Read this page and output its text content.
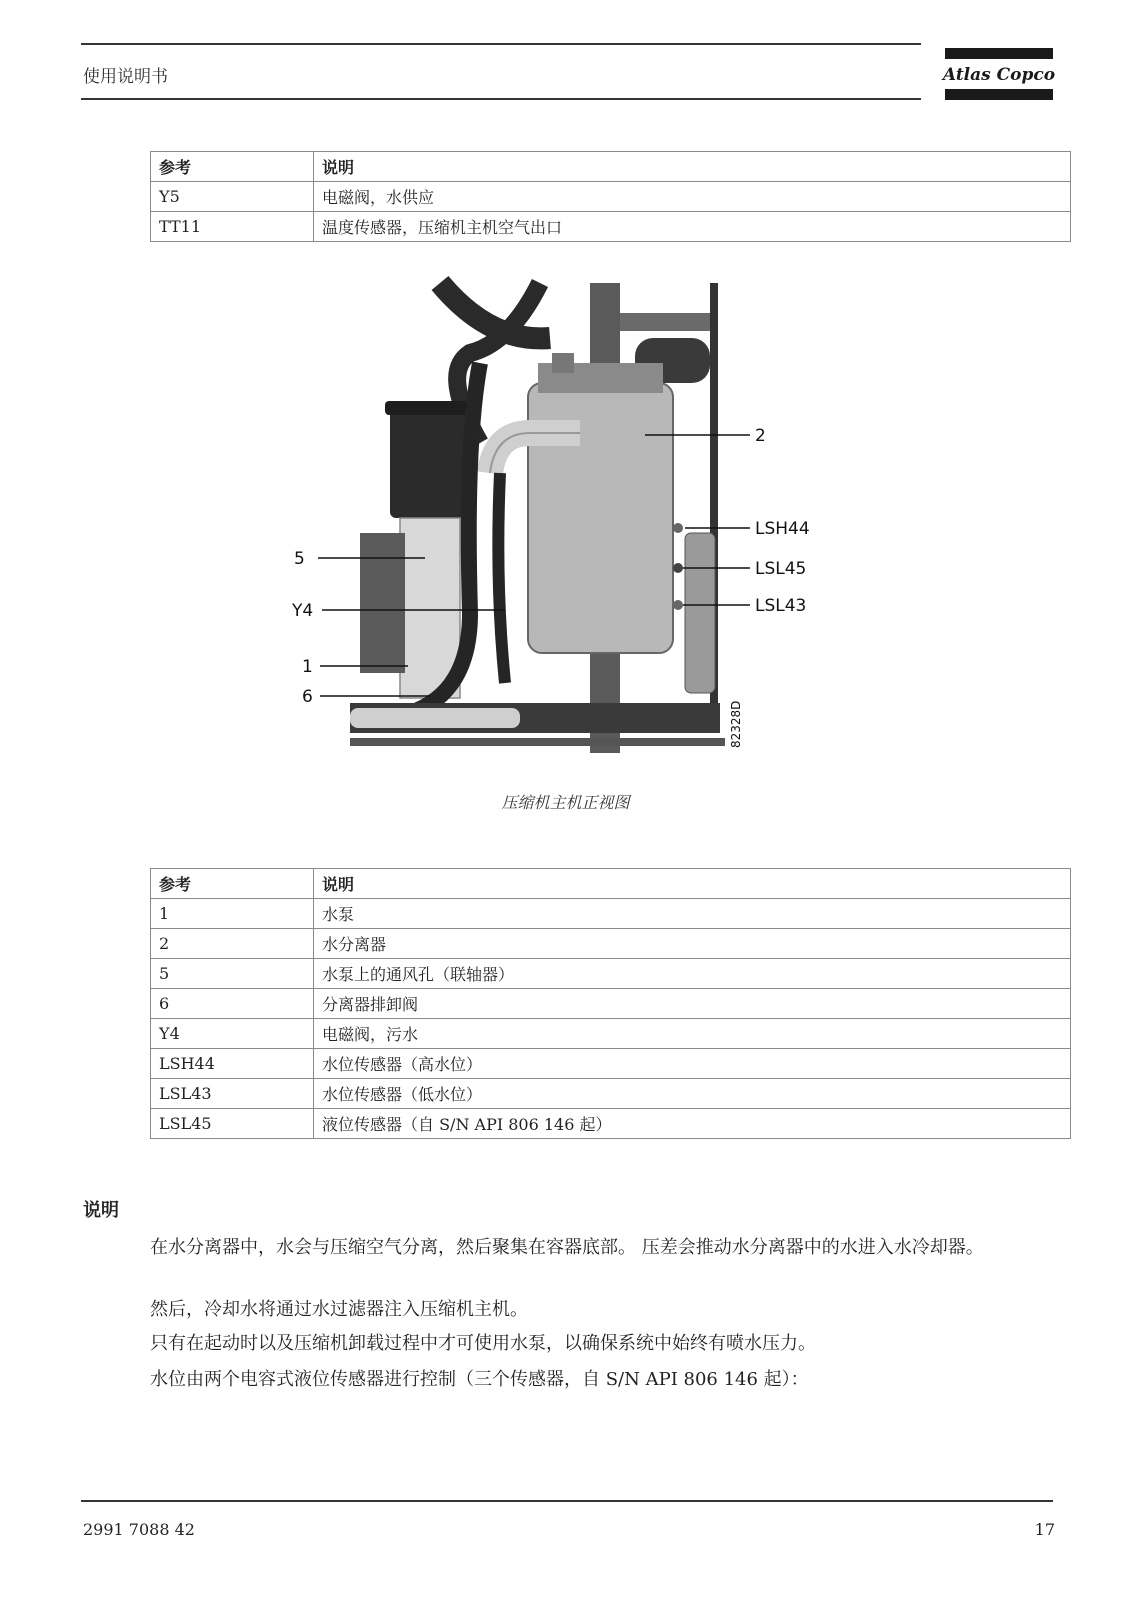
使用说明书	Atlas Copco
参考	说明
Y5	电磁阀，水供应
TT11	温度传感器，压缩机主机空气出口
2
LSH44
LSL45
LSL43
5
Y4
1
6
82328D
压缩机主机正视图
参考	说明
1	水泵
2	水分离器
5	水泵上的通风孔（联轴器）
6	分离器排卸阀
Y4	电磁阀，污水
LSH44	水位传感器（高水位）
LSL43	水位传感器（低水位）
LSL45	液位传感器（自 S/N API 806 146 起）
说明
在水分离器中，水会与压缩空气分离，然后聚集在容器底部。 压差会推动水分离器中的水进入水冷却器。
然后，冷却水将通过水过滤器注入压缩机主机。
只有在起动时以及压缩机卸载过程中才可使用水泵，以确保系统中始终有喷水压力。
水位由两个电容式液位传感器进行控制（三个传感器，自 S/N API 806 146 起）：
2991 7088 42	17
